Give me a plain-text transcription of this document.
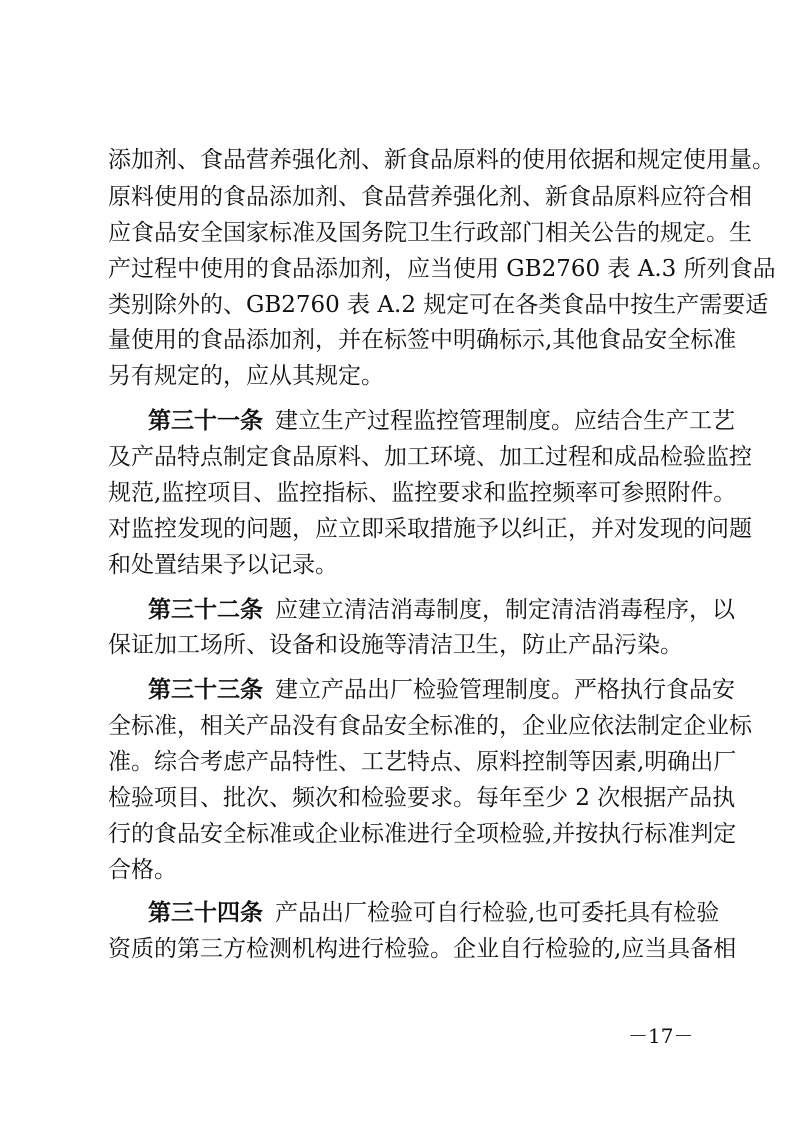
添加剂、食品营养强化剂、新食品原料的使用依据和规定使用量。
原料使用的食品添加剂、食品营养强化剂、新食品原料应符合相
应食品安全国家标准及国务院卫生行政部门相关公告的规定。生
产过程中使用的食品添加剂，应当使用 GB2760 表 A.3 所列食品
类别除外的、GB2760 表 A.2 规定可在各类食品中按生产需要适
量使用的食品添加剂，并在标签中明确标示,其他食品安全标准
另有规定的，应从其规定。
第三十一条 建立生产过程监控管理制度。应结合生产工艺
及产品特点制定食品原料、加工环境、加工过程和成品检验监控
规范,监控项目、监控指标、监控要求和监控频率可参照附件。
对监控发现的问题，应立即采取措施予以纠正，并对发现的问题
和处置结果予以记录。
第三十二条 应建立清洁消毒制度，制定清洁消毒程序，以
保证加工场所、设备和设施等清洁卫生，防止产品污染。
第三十三条 建立产品出厂检验管理制度。严格执行食品安
全标准，相关产品没有食品安全标准的，企业应依法制定企业标
准。综合考虑产品特性、工艺特点、原料控制等因素,明确出厂
检验项目、批次、频次和检验要求。每年至少 2 次根据产品执
行的食品安全标准或企业标准进行全项检验,并按执行标准判定
合格。
第三十四条 产品出厂检验可自行检验,也可委托具有检验
资质的第三方检测机构进行检验。企业自行检验的,应当具备相
－17－
